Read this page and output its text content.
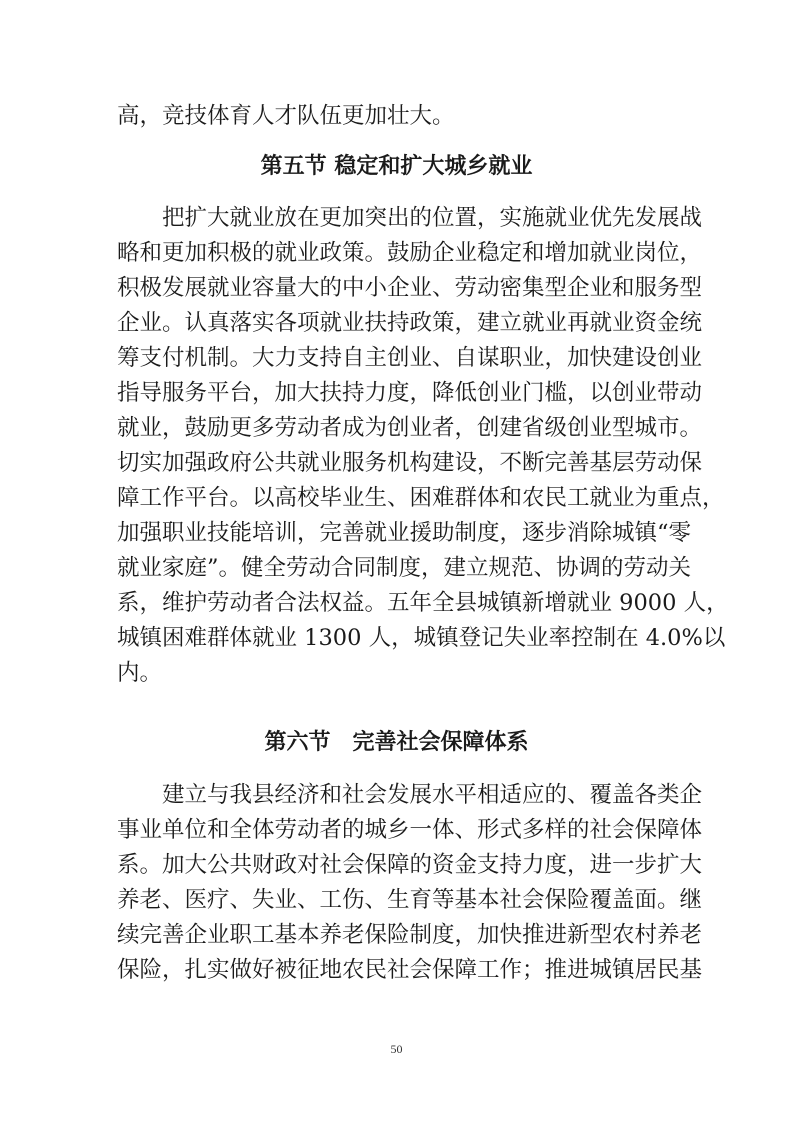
高，竞技体育人才队伍更加壮大。
第五节 稳定和扩大城乡就业
　　把扩大就业放在更加突出的位置，实施就业优先发展战
略和更加积极的就业政策。鼓励企业稳定和增加就业岗位，
积极发展就业容量大的中小企业、劳动密集型企业和服务型
企业。认真落实各项就业扶持政策，建立就业再就业资金统
筹支付机制。大力支持自主创业、自谋职业，加快建设创业
指导服务平台，加大扶持力度，降低创业门槛，以创业带动
就业，鼓励更多劳动者成为创业者，创建省级创业型城市。
切实加强政府公共就业服务机构建设，不断完善基层劳动保
障工作平台。以高校毕业生、困难群体和农民工就业为重点，
加强职业技能培训，完善就业援助制度，逐步消除城镇“零
就业家庭”。健全劳动合同制度，建立规范、协调的劳动关
系，维护劳动者合法权益。五年全县城镇新增就业 9000 人，
城镇困难群体就业 1300 人，城镇登记失业率控制在 4.0%以
内。
第六节　完善社会保障体系
　　建立与我县经济和社会发展水平相适应的、覆盖各类企
事业单位和全体劳动者的城乡一体、形式多样的社会保障体
系。加大公共财政对社会保障的资金支持力度，进一步扩大
养老、医疗、失业、工伤、生育等基本社会保险覆盖面。继
续完善企业职工基本养老保险制度，加快推进新型农村养老
保险，扎实做好被征地农民社会保障工作；推进城镇居民基
50
